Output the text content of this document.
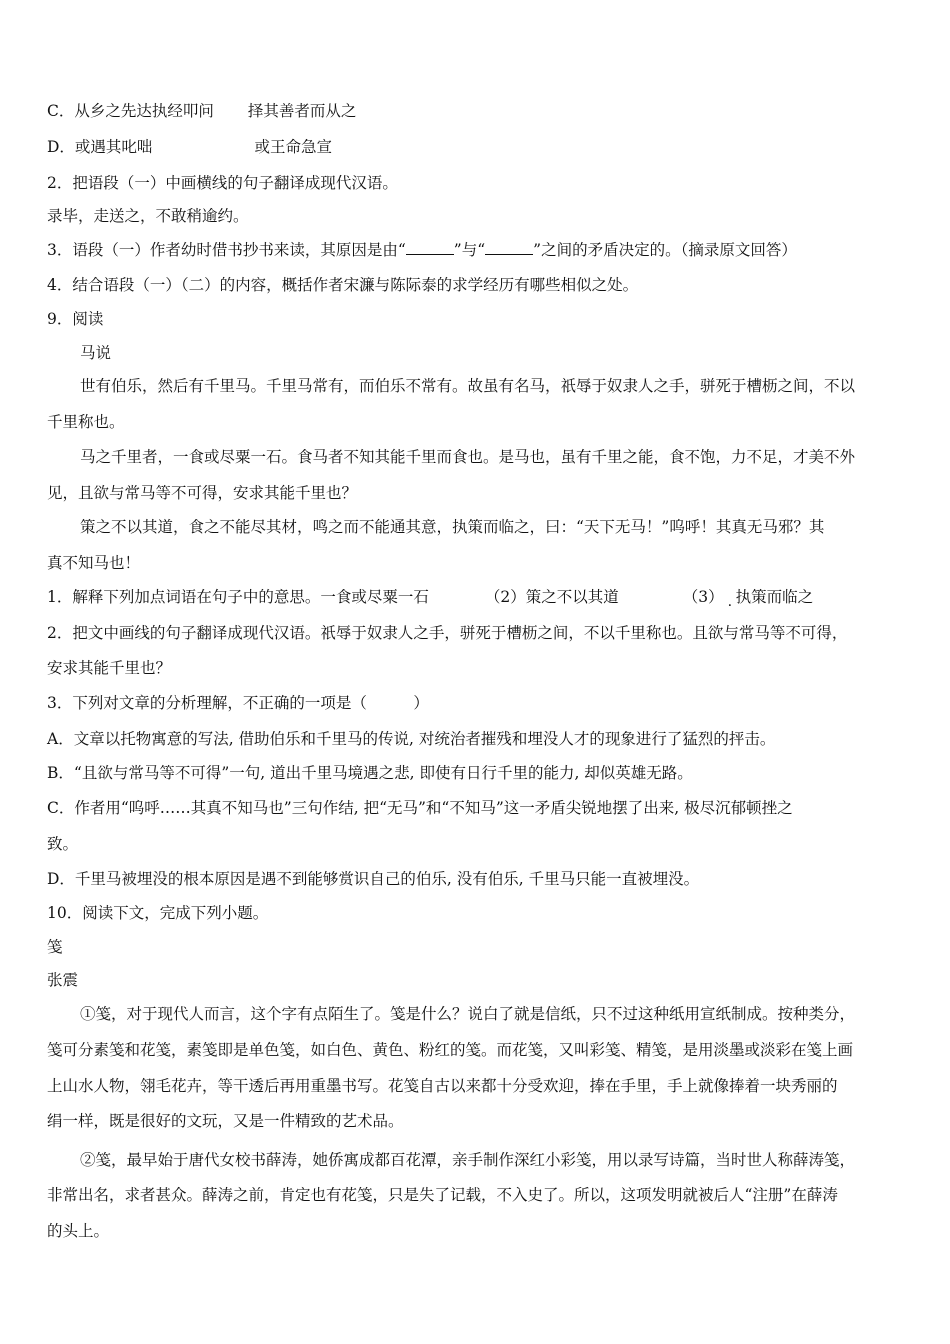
C．从乡之先达执经叩问 择其善者而从之
D．或遇其叱咄	或王命急宣
2．把语段（一）中画横线的句子翻译成现代汉语。
录毕，走送之，不敢稍逾约。
3．语段（一）作者幼时借书抄书来读，其原因是由“	”与“	”之间的矛盾决定的。（摘录原文回答）
4．结合语段（一）（二）的内容，概括作者宋濂与陈际泰的求学经历有哪些相似之处。
9．阅读
马说
世有伯乐，然后有千里马。千里马常有，而伯乐不常有。故虽有名马，祇辱于奴隶人之手，骈死于槽枥之间，不以
千里称也。
马之千里者，一食或尽粟一石。食马者不知其能千里而食也。是马也，虽有千里之能，食不饱，力不足，才美不外
见，且欲与常马等不可得，安求其能千里也？
策之不以其道，食之不能尽其材，鸣之而不能通其意，执策而临之，曰：“天下无马！”呜呼！其真无马邪？其
真不知马也！
1．解释下列加点词语在句子中的意思。一食或尽粟一石	（2）策之不以其道	（3）. 执策而临之
2．把文中画线的句子翻译成现代汉语。祇辱于奴隶人之手，骈死于槽枥之间，不以千里称也。且欲与常马等不可得，
安求其能千里也？
3．下列对文章的分析理解，不正确的一项是（　　　）
A．文章以托物寓意的写法, 借助伯乐和千里马的传说, 对统治者摧残和埋没人才的现象进行了猛烈的抨击。
B．“且欲与常马等不可得”一句, 道出千里马境遇之悲, 即使有日行千里的能力, 却似英雄无路。
C．作者用“呜呼……其真不知马也”三句作结, 把“无马”和“不知马”这一矛盾尖锐地摆了出来, 极尽沉郁顿挫之
致。
D．千里马被埋没的根本原因是遇不到能够赏识自己的伯乐, 没有伯乐, 千里马只能一直被埋没。
10．阅读下文，完成下列小题。
笺
张震
①笺，对于现代人而言，这个字有点陌生了。笺是什么？说白了就是信纸，只不过这种纸用宣纸制成。按种类分，
笺可分素笺和花笺，素笺即是单色笺，如白色、黄色、粉红的笺。而花笺，又叫彩笺、精笺，是用淡墨或淡彩在笺上画
上山水人物，翎毛花卉，等干透后再用重墨书写。花笺自古以来都十分受欢迎，捧在手里，手上就像捧着一块秀丽的
绢一样，既是很好的文玩，又是一件精致的艺术品。
②笺，最早始于唐代女校书薛涛，她侨寓成都百花潭，亲手制作深红小彩笺，用以录写诗篇，当时世人称薛涛笺，
非常出名，求者甚众。薛涛之前，肯定也有花笺，只是失了记载，不入史了。所以，这项发明就被后人“注册”在薛涛
的头上。
